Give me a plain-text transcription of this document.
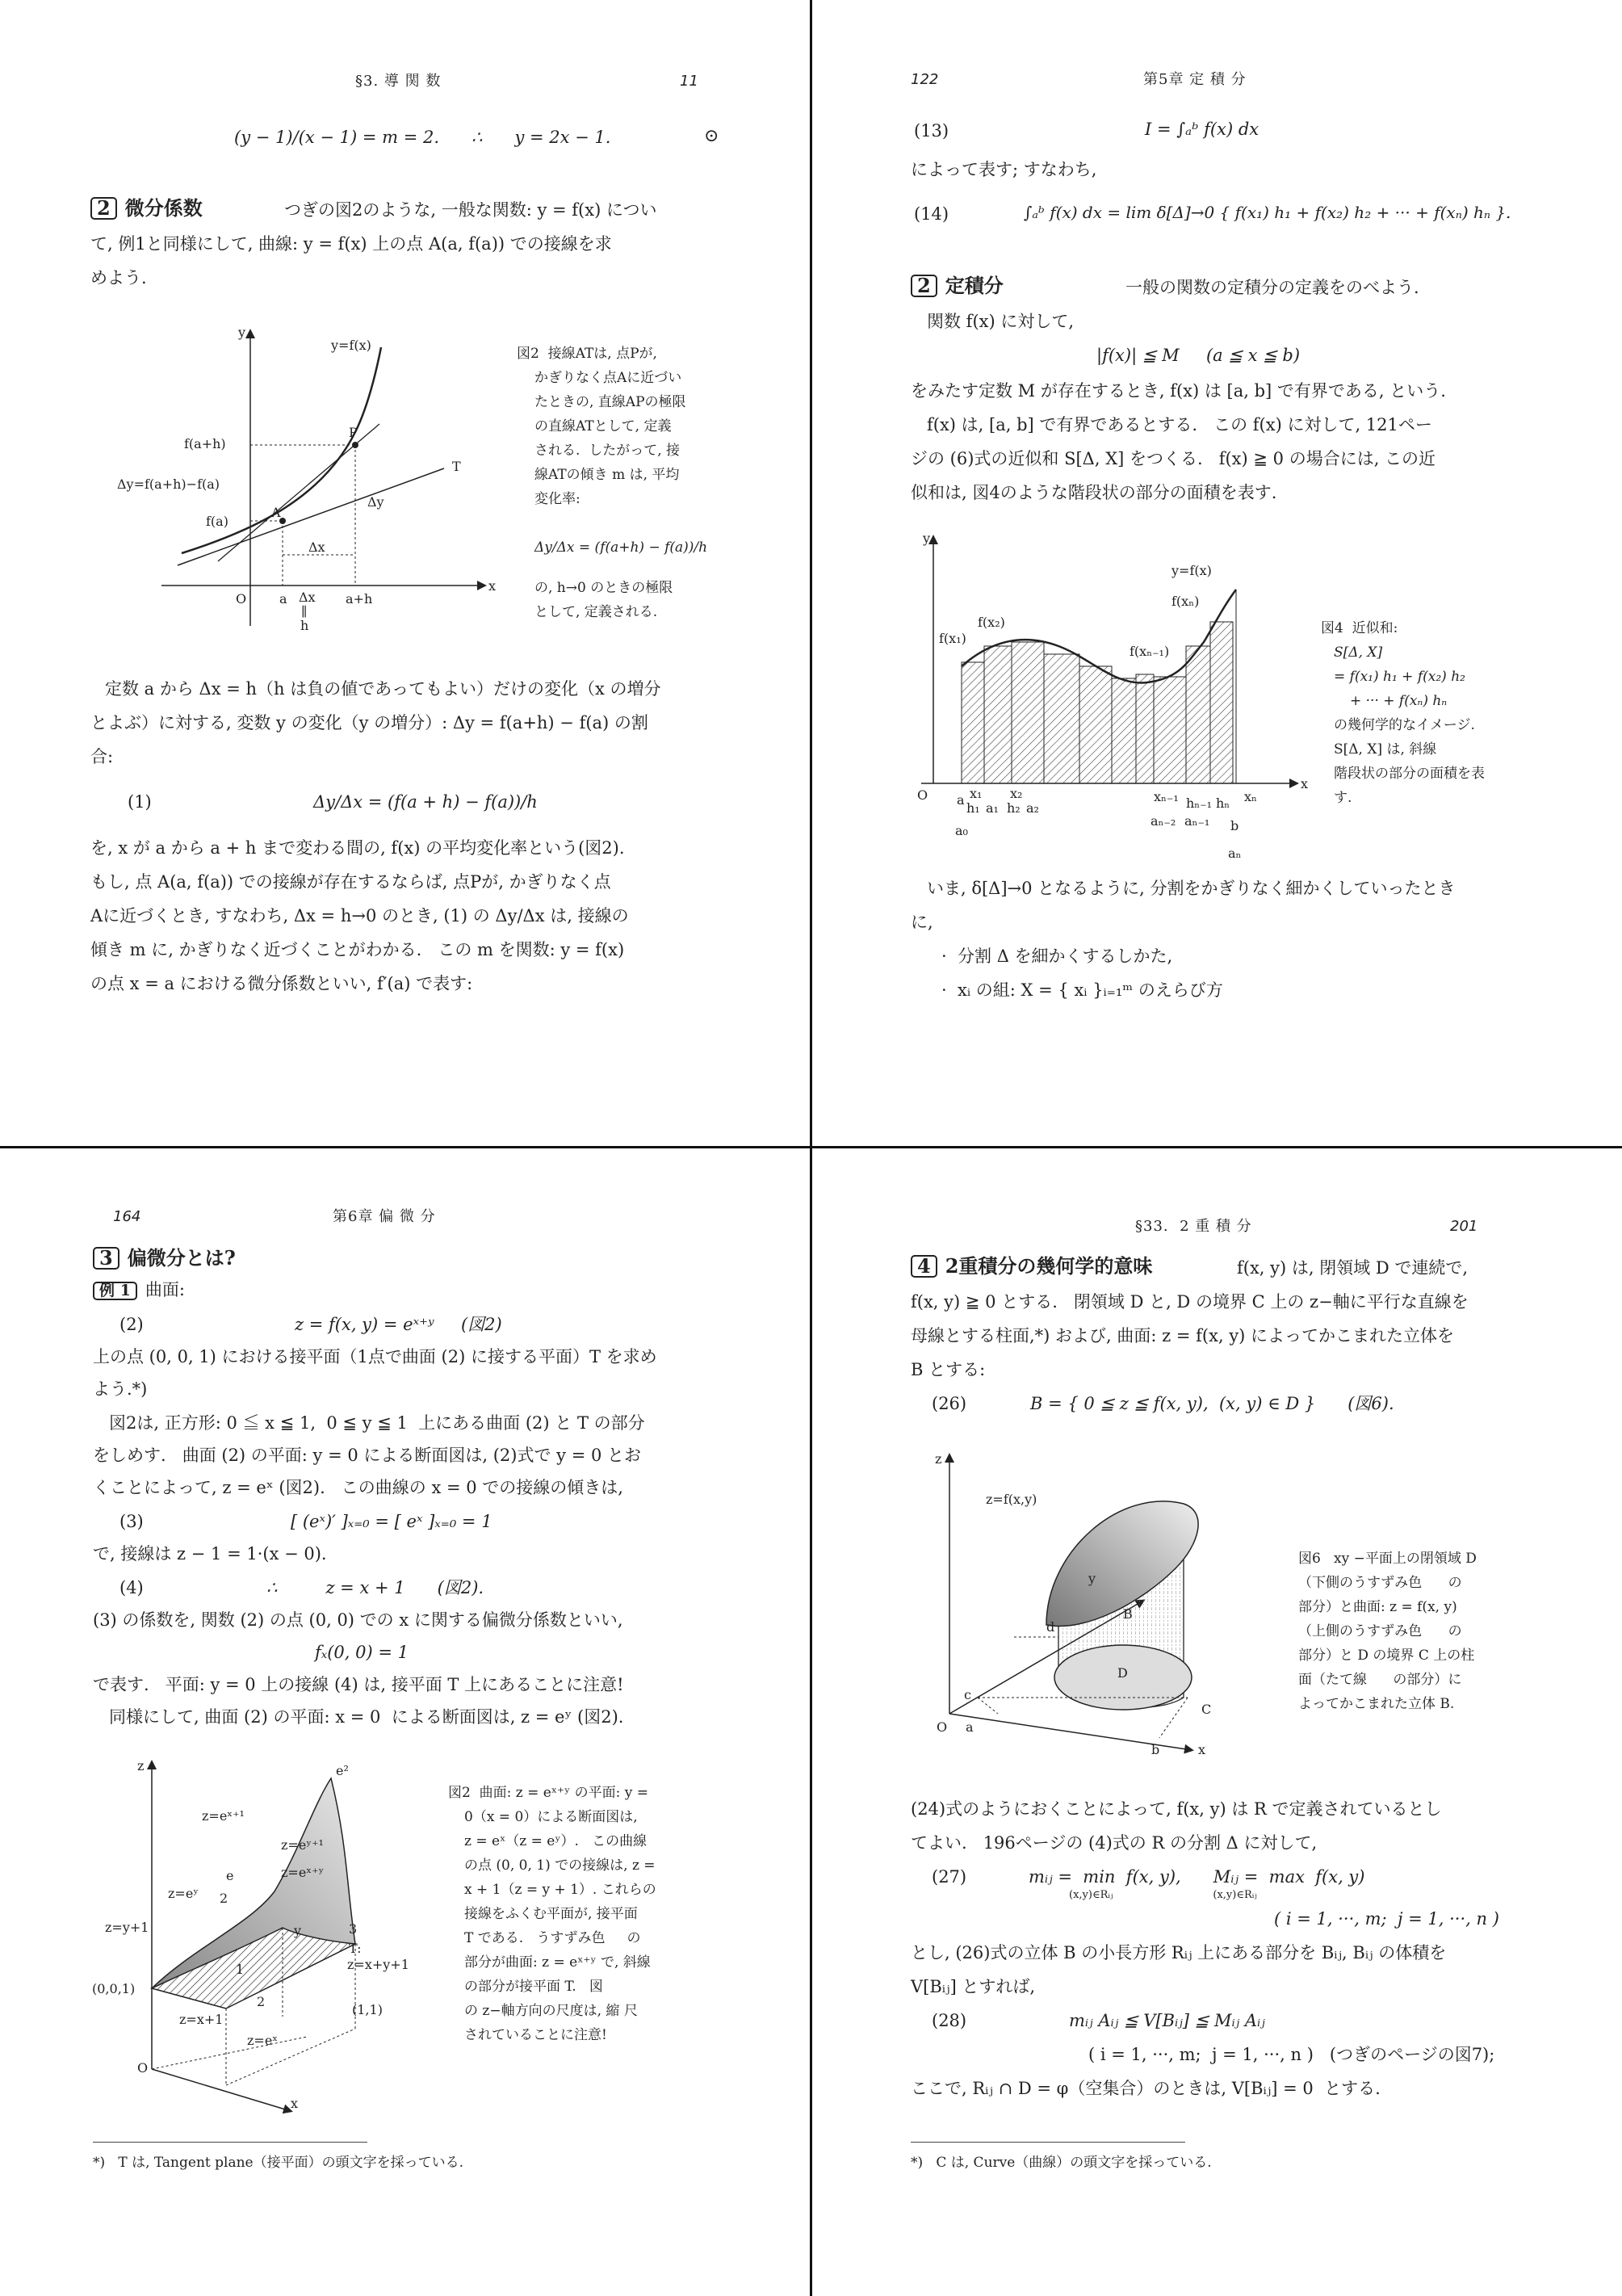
§3. 導 関 数	11
(y − 1)/(x − 1) = m = 2.      ∴      y = 2x − 1.	⊙
2 微分係数	つぎの図2のような, 一般な関数: y = f(x) につい
て, 例1と同様にして, 曲線: y = f(x) 上の点 A(a, f(a)) での接線を求
めよう.
y
x
O
y=f(x)
f(a+h)
Δy=f(a+h)−f(a)
f(a)
P
T
A
Δy
Δx
a Δx a+h
∥
h
図2  接線ATは, 点Pが,
かぎりなく点Aに近づい
たときの, 直線APの極限
の直線ATとして, 定義
される.  したがって, 接
線ATの傾き m は, 平均
変化率:
Δy/Δx = (f(a+h) − f(a))/h
の, h→0 のときの極限
として, 定義される.
定数 a から Δx = h（h は負の値であってもよい）だけの変化（x の増分
とよぶ）に対する, 変数 y の変化（y の増分）: Δy = f(a+h) − f(a) の割
合:
(1)	Δy/Δx = (f(a + h) − f(a))/h
を, x が a から a + h まで変わる間の, f(x) の平均変化率という(図2).
もし, 点 A(a, f(a)) での接線が存在するならば, 点Pが, かぎりなく点
Aに近づくとき, すなわち, Δx = h→0 のとき, (1) の Δy/Δx は, 接線の
傾き m に, かぎりなく近づくことがわかる.   この m を関数: y = f(x)
の点 x = a における微分係数といい, f′(a) で表す:
122	第5章 定 積 分
(13)	I = ∫ₐᵇ f(x) dx
によって表す; すなわち,
(14)	∫ₐᵇ f(x) dx = lim δ[Δ]→0 { f(x₁) h₁ + f(x₂) h₂ + ··· + f(xₙ) hₙ }.
2 定積分	一般の関数の定積分の定義をのべよう.
関数 f(x) に対して,
|f(x)| ≦ M     (a ≦ x ≦ b)
をみたす定数 M が存在するとき, f(x) は [a, b] で有界である, という.
f(x) は, [a, b] で有界であるとする.   この f(x) に対して, 121ペー
ジの (6)式の近似和 S[Δ, X] をつくる.   f(x) ≧ 0 の場合には, この近
似和は, 図4のような階段状の部分の面積を表す.
y
x
O
y=f(x)
f(xₙ)
f(x₂)
f(x₁)
f(xₙ₋₁)
a
a₀
x₁
h₁ a₁
x₂
h₂ a₂
xₙ₋₁ hₙ₋₁ hₙ xₙ
aₙ₋₂ aₙ₋₁ b
aₙ
図4  近似和:
S[Δ, X]
= f(x₁) h₁ + f(x₂) h₂
+ ··· + f(xₙ) hₙ
の幾何学的なイメージ.
S[Δ, X] は, 斜線
階段状の部分の面積を表
す.
いま, δ[Δ]→0 となるように, 分割をかぎりなく細かくしていったとき
に,
·  分割 Δ を細かくするしかた,
·  xᵢ の組: X = { xᵢ }ᵢ₌₁ᵐ のえらび方
164	第6章 偏 微 分
3 偏微分とは?
例 1 曲面:
(2)	z = f(x, y) = eˣ⁺ʸ     (図2)
上の点 (0, 0, 1) における接平面（1点で曲面 (2) に接する平面）T を求め
よう.*)
図2は, 正方形: 0 ≦ x ≦ 1,  0 ≦ y ≦ 1  上にある曲面 (2) と T の部分
をしめす.   曲面 (2) の平面: y = 0 による断面図は, (2)式で y = 0 とお
くことによって, z = eˣ (図2).   この曲線の x = 0 での接線の傾きは,
(3)	[ (eˣ)′ ]ₓ₌₀ = [ eˣ ]ₓ₌₀ = 1
で, 接線は z − 1 = 1·(x − 0).
(4)	∴         z = x + 1      (図2).
(3) の係数を, 関数 (2) の点 (0, 0) での x に関する偏微分係数といい,
fₓ(0, 0) = 1
で表す.   平面: y = 0 上の接線 (4) は, 接平面 T 上にあることに注意!
同様にして, 曲面 (2) の平面: x = 0  による断面図は, z = eʸ (図2).
z	e²
z=eˣ⁺¹
z=eʸ⁺¹
z=eˣ⁺ʸ
e
z=eʸ 2
z=y+1	3
T:
z=x+y+1
y
1
(0,0,1)
2
z=x+1
z=eˣ
(1,1)
O
x
図2  曲面: z = eˣ⁺ʸ の平面: y =
0（x = 0）による断面図は,
z = eˣ（z = eʸ）.   この曲線
の点 (0, 0, 1) での接線は, z =
x + 1（z = y + 1）. これらの
接線をふくむ平面が, 接平面
T である.   うすずみ色     の
部分が曲面: z = eˣ⁺ʸ で, 斜線
の部分が接平面 T.   図
の z−軸方向の尺度は, 縮 尺
されていることに注意!
*)   T は, Tangent plane（接平面）の頭文字を採っている.
§33.  2 重 積 分	201
4 2重積分の幾何学的意味	f(x, y) は, 閉領域 D で連続で,
f(x, y) ≧ 0 とする.   閉領域 D と, D の境界 C 上の z−軸に平行な直線を
母線とする柱面,*) および, 曲面: z = f(x, y) によってかこまれた立体を
B とする:
(26)	B = { 0 ≦ z ≦ f(x, y),  (x, y) ∈ D }      (図6).
z
z=f(x,y)
y
d
B
D
c
C
O a
b	x
図6   xy −平面上の閉領域 D
（下側のうすずみ色      の
部分）と曲面: z = f(x, y)
（上側のうすずみ色      の
部分）と D の境界 C 上の柱
面（たて線      の部分）に
よってかこまれた立体 B.
(24)式のようにおくことによって, f(x, y) は R で定義されているとし
てよい.   196ページの (4)式の R の分割 Δ に対して,
(27)	mᵢⱼ =  min  f(x, y),      Mᵢⱼ =  max  f(x, y)
(x,y)∈Rᵢⱼ                              (x,y)∈Rᵢⱼ
( i = 1, ···, m;  j = 1, ···, n )
とし, (26)式の立体 B の小長方形 Rᵢⱼ 上にある部分を Bᵢⱼ, Bᵢⱼ の体積を
V[Bᵢⱼ] とすれば,
(28)	mᵢⱼ Aᵢⱼ ≦ V[Bᵢⱼ] ≦ Mᵢⱼ Aᵢⱼ
( i = 1, ···, m;  j = 1, ···, n )   (つぎのページの図7);
ここで, Rᵢⱼ ∩ D = φ（空集合）のときは, V[Bᵢⱼ] = 0  とする.
*)   C は, Curve（曲線）の頭文字を採っている.
